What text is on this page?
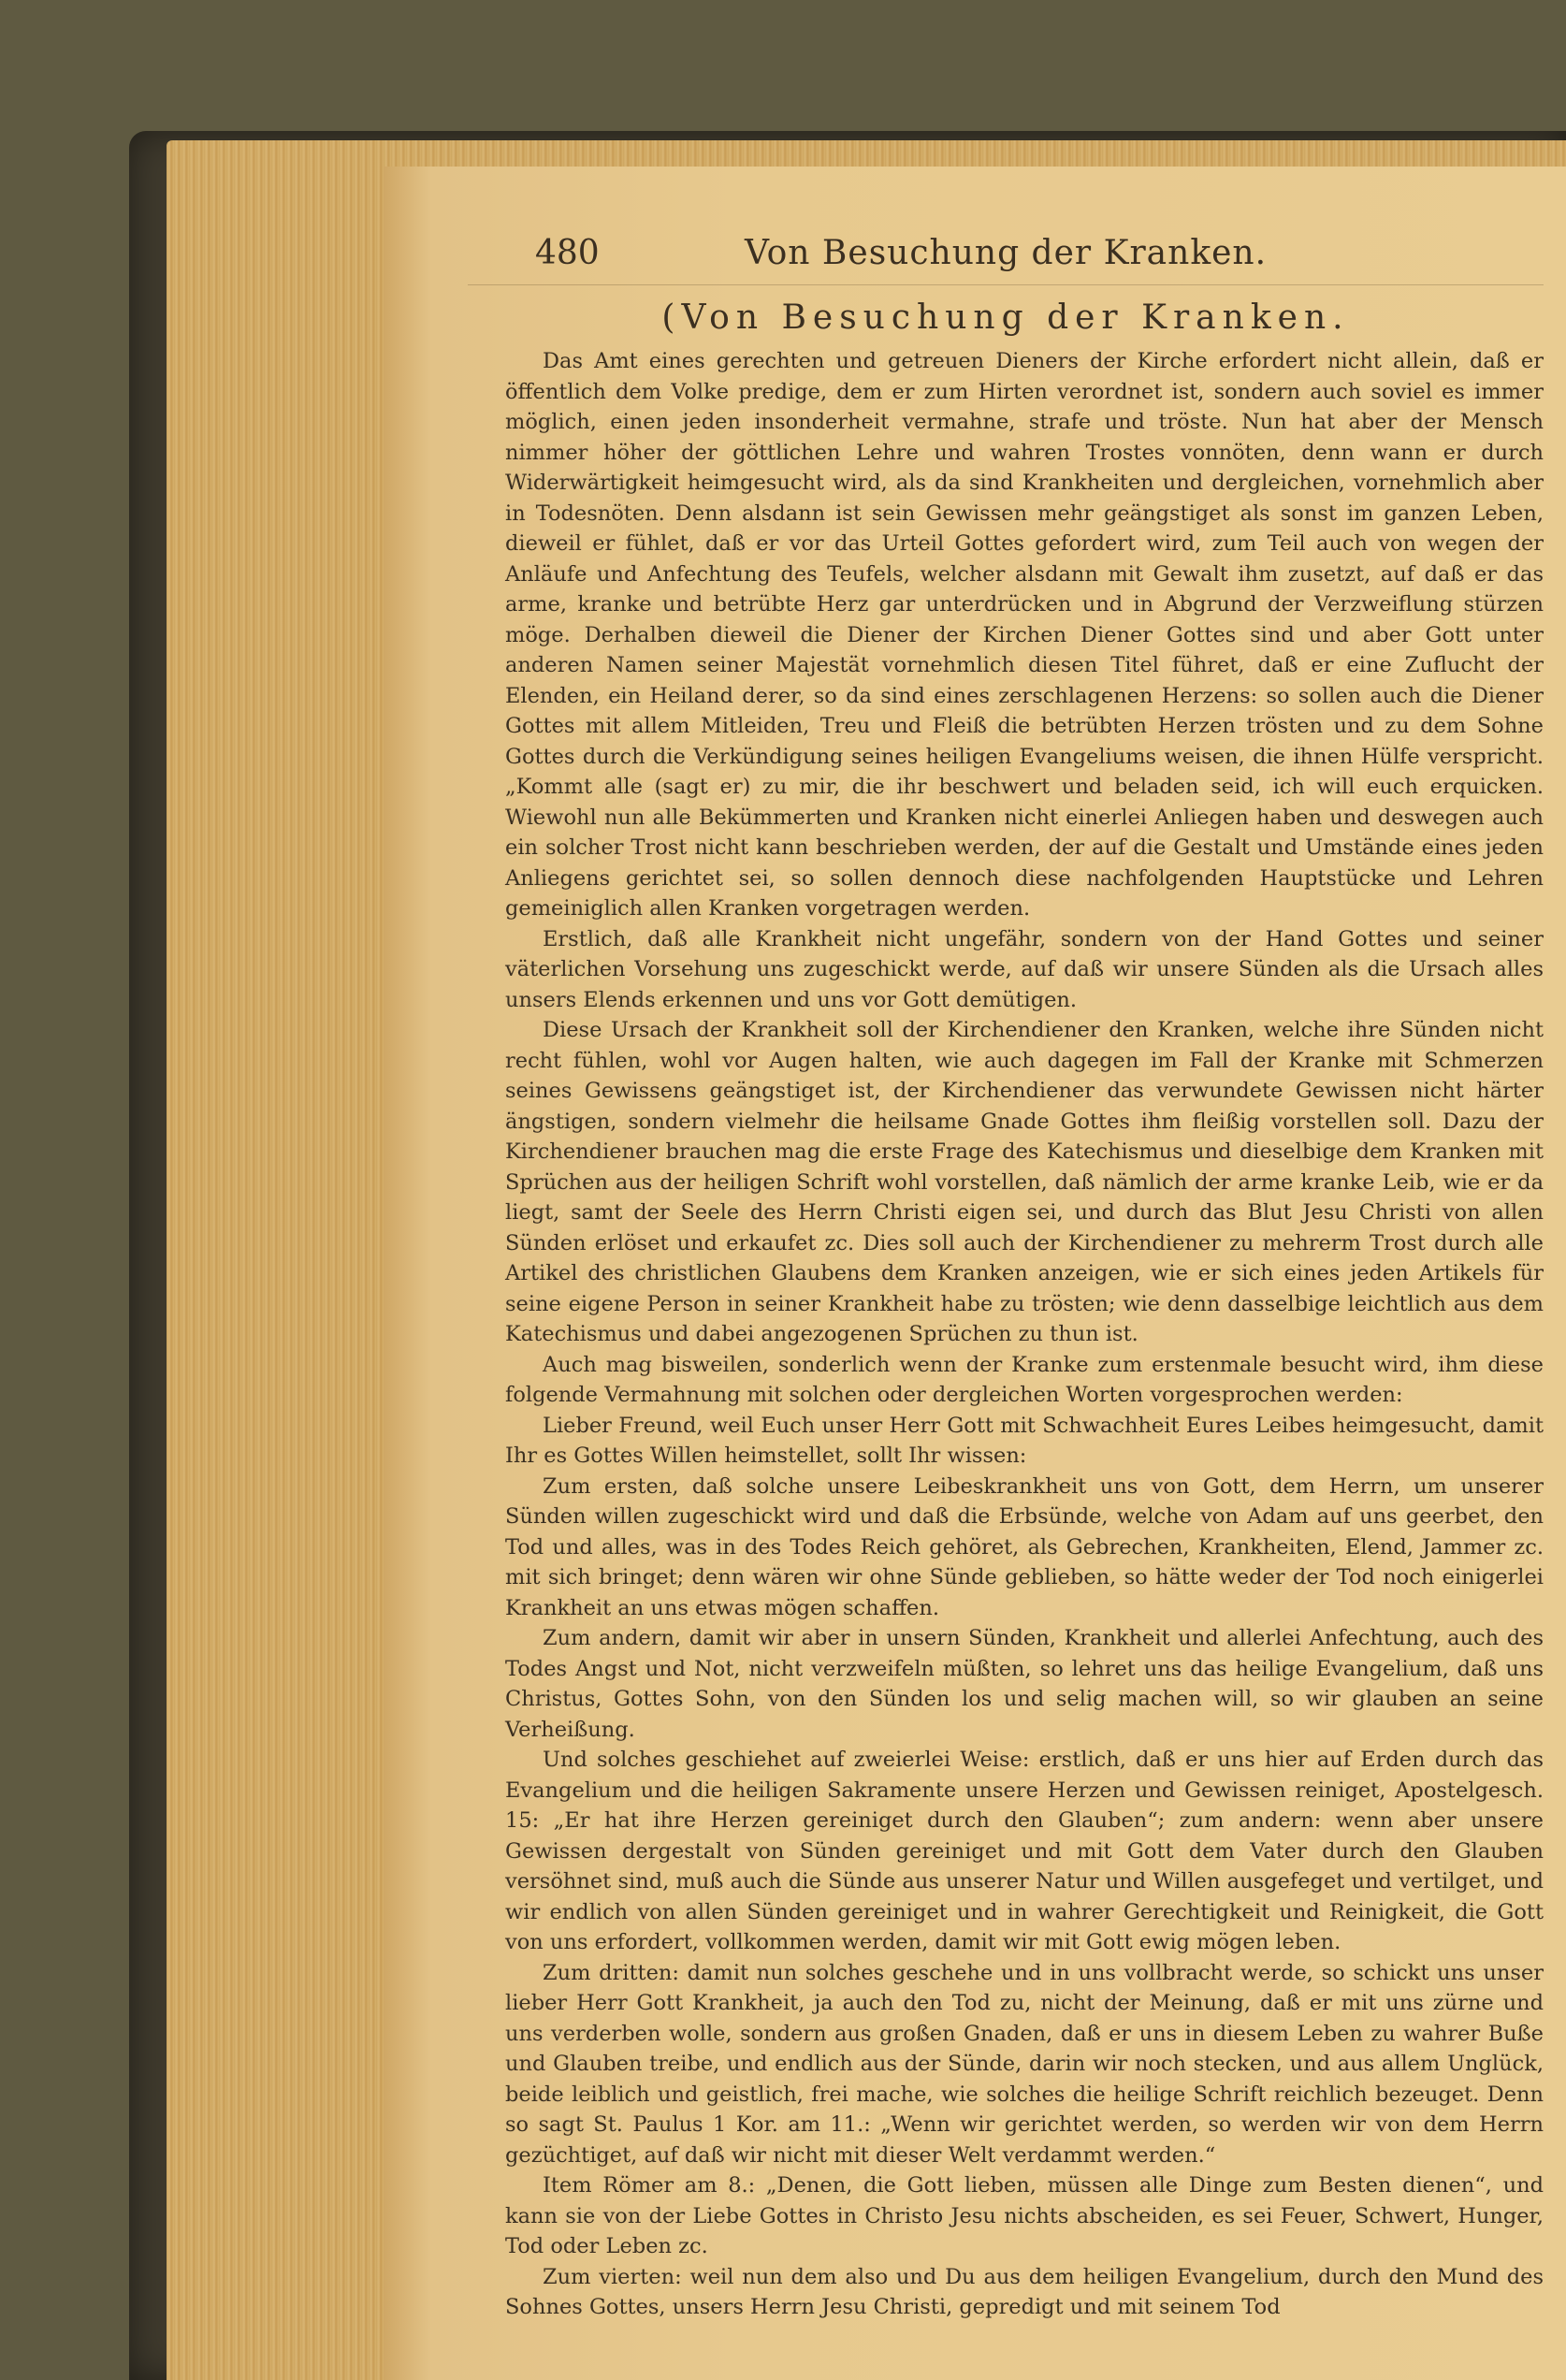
480	Von Besuchung der Kranken.
(Von Besuchung der Kranken.

Das Amt eines gerechten und getreuen Dieners der Kirche erfordert nicht allein, daß er öffentlich dem Volke predige, dem er zum Hirten verordnet ist, sondern auch soviel es immer möglich, einen jeden insonderheit vermahne, strafe und tröste. Nun hat aber der Mensch nimmer höher der göttlichen Lehre und wahren Trostes vonnöten, denn wann er durch Widerwärtigkeit heimgesucht wird, als da sind Krankheiten und dergleichen, vornehmlich aber in Todesnöten. Denn alsdann ist sein Gewissen mehr geängstiget als sonst im ganzen Leben, dieweil er fühlet, daß er vor das Urteil Gottes gefordert wird, zum Teil auch von wegen der Anläufe und Anfechtung des Teufels, welcher alsdann mit Gewalt ihm zusetzt, auf daß er das arme, kranke und betrübte Herz gar unterdrücken und in Abgrund der Verzweiflung stürzen möge. Derhalben dieweil die Diener der Kirchen Diener Gottes sind und aber Gott unter anderen Namen seiner Majestät vornehmlich diesen Titel führet, daß er eine Zuflucht der Elenden, ein Heiland derer, so da sind eines zerschlagenen Herzens: so sollen auch die Diener Gottes mit allem Mitleiden, Treu und Fleiß die betrübten Herzen trösten und zu dem Sohne Gottes durch die Verkündigung seines heiligen Evangeliums weisen, die ihnen Hülfe verspricht. „Kommt alle (sagt er) zu mir, die ihr beschwert und beladen seid, ich will euch erquicken. Wiewohl nun alle Bekümmerten und Kranken nicht einerlei Anliegen haben und deswegen auch ein solcher Trost nicht kann beschrieben werden, der auf die Gestalt und Umstände eines jeden Anliegens gerichtet sei, so sollen dennoch diese nachfolgenden Hauptstücke und Lehren gemeiniglich allen Kranken vorgetragen werden.

Erstlich, daß alle Krankheit nicht ungefähr, sondern von der Hand Gottes und seiner väterlichen Vorsehung uns zugeschickt werde, auf daß wir unsere Sünden als die Ursach alles unsers Elends erkennen und uns vor Gott demütigen.

Diese Ursach der Krankheit soll der Kirchendiener den Kranken, welche ihre Sünden nicht recht fühlen, wohl vor Augen halten, wie auch dagegen im Fall der Kranke mit Schmerzen seines Gewissens geängstiget ist, der Kirchendiener das verwundete Gewissen nicht härter ängstigen, sondern vielmehr die heilsame Gnade Gottes ihm fleißig vorstellen soll. Dazu der Kirchendiener brauchen mag die erste Frage des Katechismus und dieselbige dem Kranken mit Sprüchen aus der heiligen Schrift wohl vorstellen, daß nämlich der arme kranke Leib, wie er da liegt, samt der Seele des Herrn Christi eigen sei, und durch das Blut Jesu Christi von allen Sünden erlöset und erkaufet zc. Dies soll auch der Kirchendiener zu mehrerm Trost durch alle Artikel des christlichen Glaubens dem Kranken anzeigen, wie er sich eines jeden Artikels für seine eigene Person in seiner Krankheit habe zu trösten; wie denn dasselbige leichtlich aus dem Katechismus und dabei angezogenen Sprüchen zu thun ist.

Auch mag bisweilen, sonderlich wenn der Kranke zum erstenmale besucht wird, ihm diese folgende Vermahnung mit solchen oder dergleichen Worten vorgesprochen werden:

Lieber Freund, weil Euch unser Herr Gott mit Schwachheit Eures Leibes heimgesucht, damit Ihr es Gottes Willen heimstellet, sollt Ihr wissen:

Zum ersten, daß solche unsere Leibeskrankheit uns von Gott, dem Herrn, um unserer Sünden willen zugeschickt wird und daß die Erbsünde, welche von Adam auf uns geerbet, den Tod und alles, was in des Todes Reich gehöret, als Gebrechen, Krankheiten, Elend, Jammer zc. mit sich bringet; denn wären wir ohne Sünde geblieben, so hätte weder der Tod noch einigerlei Krankheit an uns etwas mögen schaffen.

Zum andern, damit wir aber in unsern Sünden, Krankheit und allerlei Anfechtung, auch des Todes Angst und Not, nicht verzweifeln müßten, so lehret uns das heilige Evangelium, daß uns Christus, Gottes Sohn, von den Sünden los und selig machen will, so wir glauben an seine Verheißung.

Und solches geschiehet auf zweierlei Weise: erstlich, daß er uns hier auf Erden durch das Evangelium und die heiligen Sakramente unsere Herzen und Gewissen reiniget, Apostelgesch. 15: „Er hat ihre Herzen gereiniget durch den Glauben“; zum andern: wenn aber unsere Gewissen dergestalt von Sünden gereiniget und mit Gott dem Vater durch den Glauben versöhnet sind, muß auch die Sünde aus unserer Natur und Willen ausgefeget und vertilget, und wir endlich von allen Sünden gereiniget und in wahrer Gerechtigkeit und Reinigkeit, die Gott von uns erfordert, vollkommen werden, damit wir mit Gott ewig mögen leben.

Zum dritten: damit nun solches geschehe und in uns vollbracht werde, so schickt uns unser lieber Herr Gott Krankheit, ja auch den Tod zu, nicht der Meinung, daß er mit uns zürne und uns verderben wolle, sondern aus großen Gnaden, daß er uns in diesem Leben zu wahrer Buße und Glauben treibe, und endlich aus der Sünde, darin wir noch stecken, und aus allem Unglück, beide leiblich und geistlich, frei mache, wie solches die heilige Schrift reichlich bezeuget. Denn so sagt St. Paulus 1 Kor. am 11.: „Wenn wir gerichtet werden, so werden wir von dem Herrn gezüchtiget, auf daß wir nicht mit dieser Welt verdammt werden.“

Item Römer am 8.: „Denen, die Gott lieben, müssen alle Dinge zum Besten dienen“, und kann sie von der Liebe Gottes in Christo Jesu nichts abscheiden, es sei Feuer, Schwert, Hunger, Tod oder Leben zc.

Zum vierten: weil nun dem also und Du aus dem heiligen Evangelium, durch den Mund des Sohnes Gottes, unsers Herrn Jesu Christi, gepredigt und mit seinem Tod
